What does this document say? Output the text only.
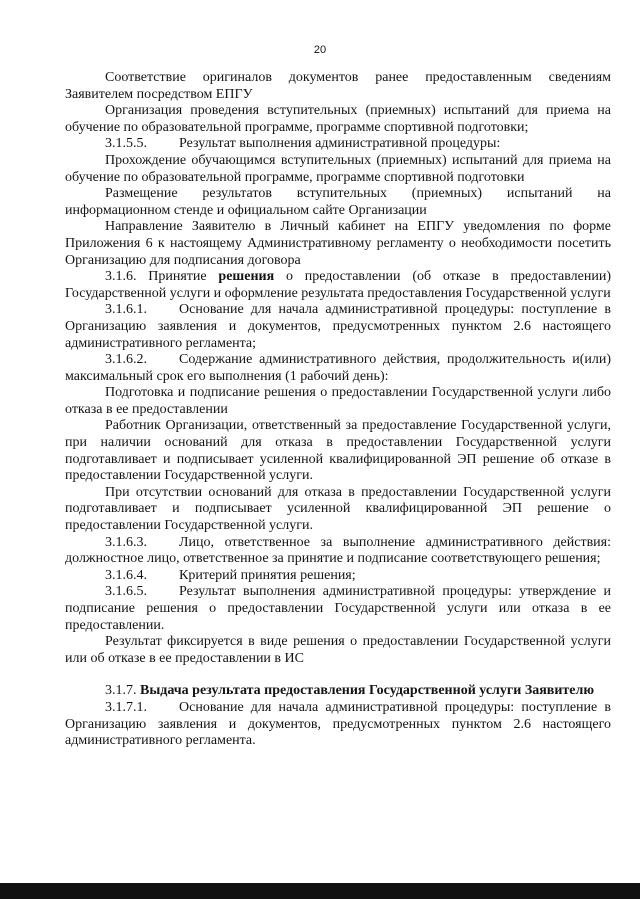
20

Соответствие оригиналов документов ранее предоставленным сведениям Заявителем посредством ЕПГУ

Организация проведения вступительных (приемных) испытаний для приема на обучение по образовательной программе, программе спортивной подготовки;

3.1.5.5. Результат выполнения административной процедуры:

Прохождение обучающимся вступительных (приемных) испытаний для приема на обучение по образовательной программе, программе спортивной подготовки

Размещение результатов вступительных (приемных) испытаний на информационном стенде и официальном сайте Организации

Направление Заявителю в Личный кабинет на ЕПГУ уведомления по форме Приложения 6 к настоящему Административному регламенту о необходимости посетить Организацию для подписания договора

3.1.6. Принятие решения о предоставлении (об отказе в предоставлении) Государственной услуги и оформление результата предоставления Государственной услуги

3.1.6.1. Основание для начала административной процедуры: поступление в Организацию заявления и документов, предусмотренных пунктом 2.6 настоящего административного регламента;

3.1.6.2. Содержание административного действия, продолжительность и(или) максимальный срок его выполнения (1 рабочий день):

Подготовка и подписание решения о предоставлении Государственной услуги либо отказа в ее предоставлении

Работник Организации, ответственный за предоставление Государственной услуги, при наличии оснований для отказа в предоставлении Государственной услуги подготавливает и подписывает усиленной квалифицированной ЭП решение об отказе в предоставлении Государственной услуги.

При отсутствии оснований для отказа в предоставлении Государственной услуги подготавливает и подписывает усиленной квалифицированной ЭП решение о предоставлении Государственной услуги.

3.1.6.3. Лицо, ответственное за выполнение административного действия: должностное лицо, ответственное за принятие и подписание соответствующего решения;

3.1.6.4. Критерий принятия решения;

3.1.6.5. Результат выполнения административной процедуры: утверждение и подписание решения о предоставлении Государственной услуги или отказа в ее предоставлении.

Результат фиксируется в виде решения о предоставлении Государственной услуги или об отказе в ее предоставлении в ИС

3.1.7. Выдача результата предоставления Государственной услуги Заявителю

3.1.7.1. Основание для начала административной процедуры: поступление в Организацию заявления и документов, предусмотренных пунктом 2.6 настоящего административного регламента.
